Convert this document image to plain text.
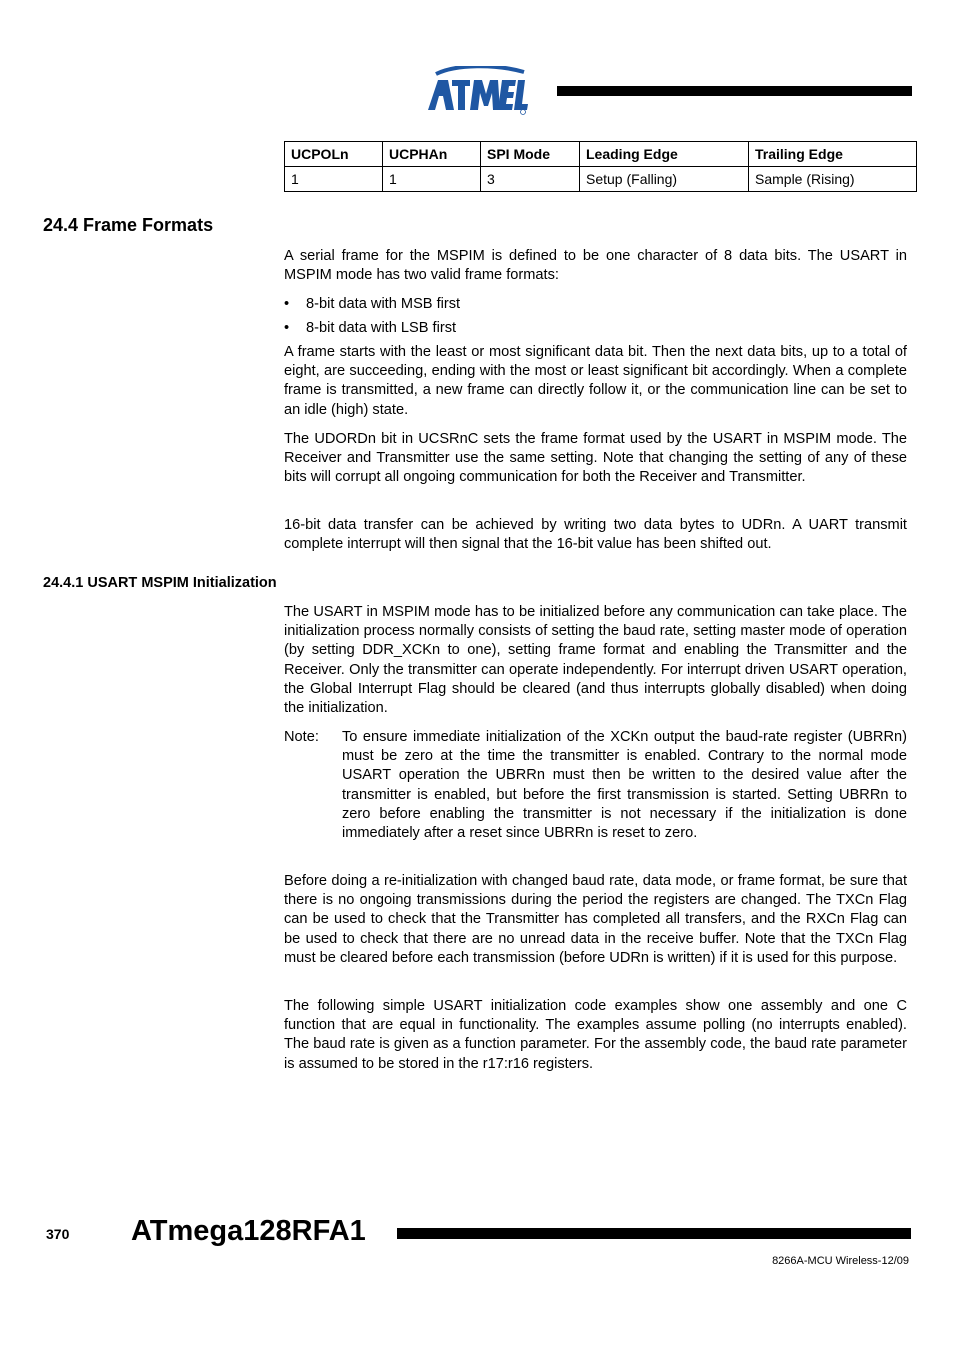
UCPOLn	UCPHAn	SPI Mode	Leading Edge	Trailing Edge
1	1	3	Setup (Falling)	Sample (Rising)
24.4 Frame Formats

A serial frame for the MSPIM is defined to be one character of 8 data bits. The USART in MSPIM mode has two valid frame formats:

• 8-bit data with MSB first
• 8-bit data with LSB first

A frame starts with the least or most significant data bit. Then the next data bits, up to a total of eight, are succeeding, ending with the most or least significant bit accordingly. When a complete frame is transmitted, a new frame can directly follow it, or the communication line can be set to an idle (high) state.

The UDORDn bit in UCSRnC sets the frame format used by the USART in MSPIM mode. The Receiver and Transmitter use the same setting. Note that changing the setting of any of these bits will corrupt all ongoing communication for both the Receiver and Transmitter.

16-bit data transfer can be achieved by writing two data bytes to UDRn. A UART transmit complete interrupt will then signal that the 16-bit value has been shifted out.

24.4.1 USART MSPIM Initialization

The USART in MSPIM mode has to be initialized before any communication can take place. The initialization process normally consists of setting the baud rate, setting master mode of operation (by setting DDR_XCKn to one), setting frame format and enabling the Transmitter and the Receiver. Only the transmitter can operate independently. For interrupt driven USART operation, the Global Interrupt Flag should be cleared (and thus interrupts globally disabled) when doing the initialization.

Note: To ensure immediate initialization of the XCKn output the baud-rate register (UBRRn) must be zero at the time the transmitter is enabled. Contrary to the normal mode USART operation the UBRRn must then be written to the desired value after the transmitter is enabled, but before the first transmission is started. Setting UBRRn to zero before enabling the transmitter is not necessary if the initialization is done immediately after a reset since UBRRn is reset to zero.

Before doing a re-initialization with changed baud rate, data mode, or frame format, be sure that there is no ongoing transmissions during the period the registers are changed. The TXCn Flag can be used to check that the Transmitter has completed all transfers, and the RXCn Flag can be used to check that there are no unread data in the receive buffer. Note that the TXCn Flag must be cleared before each transmission (before UDRn is written) if it is used for this purpose.

The following simple USART initialization code examples show one assembly and one C function that are equal in functionality. The examples assume polling (no interrupts enabled). The baud rate is given as a function parameter. For the assembly code, the baud rate parameter is assumed to be stored in the r17:r16 registers.

370 ATmega128RFA1
8266A-MCU Wireless-12/09
